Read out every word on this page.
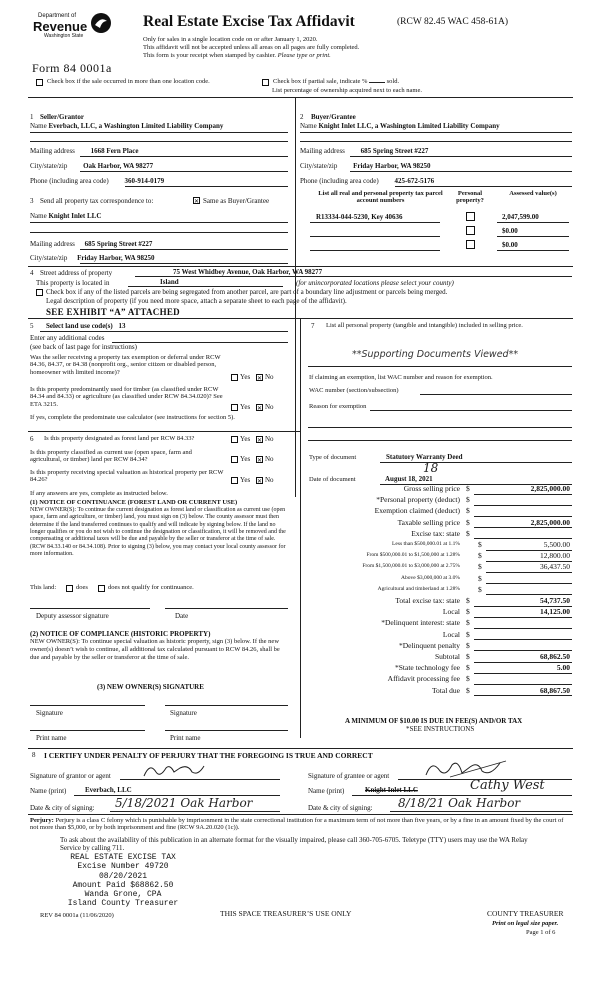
Department of
Revenue
Washington State
Form 84 0001a
Real Estate Excise Tax Affidavit	(RCW 82.45 WAC 458-61A)
Only for sales in a single location code on or after January 1, 2020.
This affidavit will not be accepted unless all areas on all pages are fully completed.
This form is your receipt when stamped by cashier. Please type or print.
Check box if the sale occurred in more than one location code.	Check box if partial sale, indicate %	sold.
List percentage of ownership acquired next to each name.
1 Seller/Grantor
Name Everbach, LLC, a Washington Limited Liability Company
Mailing address 1668 Fern Place
City/state/zip Oak Harbor, WA 98277
Phone (including area code) 360-914-0179
2 Buyer/Grantee
Name Knight Inlet LLC, a Washington Limited Liability Company
Mailing address 685 Spring Street #227
City/state/zip Friday Harbor, WA 98250
Phone (including area code) 425-672-5176
3 Send all property tax correspondence to: ✕	Same as Buyer/Grantee
Name Knight Inlet LLC
Mailing address 685 Spring Street #227
City/state/zip Friday Harbor, WA 98250
List all real and personal property tax parcel account numbers
Personal property?
Assessed value(s)
R13334-044-5230, Key 40636	2,047,599.00
$0.00
$0.00
4 Street address of property	75 West Whidbey Avenue, Oak Harbor, WA 98277
This property is located in	Island	(for unincorporated locations please select your county)
Check box if any of the listed parcels are being segregated from another parcel, are part of a boundary line adjustment or parcels being merged.
Legal description of property (if you need more space, attach a separate sheet to each page of the affidavit).
SEE EXHIBIT “A” ATTACHED
5 Select land use code(s) 13
Enter any additional codes
(see back of last page for instructions)
Was the seller receiving a property tax exemption or deferral under RCW 84.36, 84.37, or 84.38 (nonprofit org., senior citizen or disabled person, homeowner with limited income)?
Yes ✕ No
Is this property predominantly used for timber (as classified under RCW 84.34 and 84.33) or agriculture (as classified under RCW 84.34.020)? See ETA 3215.	Yes ✕ No
If yes, complete the predominate use calculator (see instructions for section 5).
6 Is this property designated as forest land per RCW 84.33?	Yes ✕ No
Is this property classified as current use (open space, farm and agricultural, or timber) land per RCW 84.34?	Yes ✕ No
Is this property receiving special valuation as historical property per RCW 84.26?	Yes ✕ No
If any answers are yes, complete as instructed below.
(1) NOTICE OF CONTINUANCE (FOREST LAND OR CURRENT USE)
NEW OWNER(S): To continue the current designation as forest land or classification as current use (open space, farm and agriculture, or timber) land, you must sign on (3) below. The county assessor must then determine if the land transferred continues to qualify and will indicate by signing below. If the land no longer qualifies or you do not wish to continue the designation or classification, it will be removed and the compensating or additional taxes will be due and payable by the seller or transferor at the time of sale. (RCW 84.33.140 or 84.34.108). Prior to signing (3) below, you may contact your local county assessor for more information.
This land:	does	does not qualify for continuance.
Deputy assessor signature	Date
(2) NOTICE OF COMPLIANCE (HISTORIC PROPERTY)
NEW OWNER(S): To continue special valuation as historic property, sign (3) below. If the new owner(s) doesn’t wish to continue, all additional tax calculated pursuant to RCW 84.26, shall be due and payable by the seller or transferor at the time of sale.
(3) NEW OWNER(S) SIGNATURE
Signature	Signature
Print name	Print name
7 List all personal property (tangible and intangible) included in selling price.
**Supporting Documents Viewed**
If claiming an exemption, list WAC number and reason for exemption.
WAC number (section/subsection)
Reason for exemption
Type of document	Statutory Warranty Deed
Date of document	August 18, 2021
18
Gross selling price $	2,825,000.00
*Personal property (deduct) $
Exemption claimed (deduct) $
Taxable selling price $	2,825,000.00
Excise tax: state $
Less than $500,000.01 at 1.1% $	5,500.00
From $500,000.01 to $1,500,000 at 1.28% $	12,800.00
From $1,500,000.01 to $3,000,000 at 2.75% $	36,437.50
Above $3,000,000 at 3.0% $
Agricultural and timberland at 1.28% $
Total excise tax: state $	54,737.50
Local $	14,125.00
*Delinquent interest: state $
Local $
*Delinquent penalty $
Subtotal $	68,862.50
*State technology fee $	5.00
Affidavit processing fee $
Total due $	68,867.50
A MINIMUM OF $10.00 IS DUE IN FEE(S) AND/OR TAX
*SEE INSTRUCTIONS
8 I CERTIFY UNDER PENALTY OF PERJURY THAT THE FOREGOING IS TRUE AND CORRECT
Signature of grantor or agent
Name (print)	Everbach, LLC
Date & city of signing: 5/18/2021 Oak Harbor
Signature of grantee or agent
Name (print)	Knight Inlet LLC	Cathy West
Date & city of signing: 8/18/21 Oak Harbor
Perjury: Perjury is a class C felony which is punishable by imprisonment in the state correctional institution for a maximum term of not more than five years, or by a fine in an amount fixed by the court of not more than $5,000, or by both imprisonment and fine (RCW 9A.20.020 (1c)).
To ask about the availability of this publication in an alternate format for the visually impaired, please call 360-705-6705. Teletype (TTY) users may use the WA Relay Service by calling 711.
REAL ESTATE EXCISE TAX
Excise Number 49720
08/20/2021
Amount Paid $68862.50
Wanda Grone, CPA
Island County Treasurer
REV 84 0001a (11/06/2020)	THIS SPACE TREASURER’S USE ONLY	COUNTY TREASURER
Print on legal size paper.
Page 1 of 6
